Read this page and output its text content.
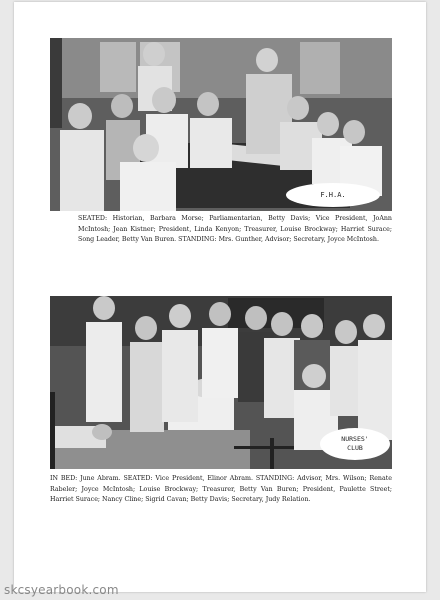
F.H.A.

SEATED: Historian, Barbara Morse; Parliamentarian, Betty Davis; Vice President, JoAnn McIntosh; Jean Kistner; President, Linda Kenyon; Treasurer, Louise Brockway; Harriet Surace; Song Leader, Betty Van Buren. STANDING: Mrs. Gunther, Advisor; Secretary, Joyce McIntosh.

NURSES'
CLUB

IN BED: June Abram. SEATED: Vice President, Elinor Abram. STANDING: Advisor, Mrs. Wilson; Renate Rabeler; Joyce McIntosh; Louise Brockway; Treasurer, Betty Van Buren; President, Paulette Street; Harriet Surace; Nancy Cline; Sigrid Cavan; Betty Davis; Secretary, Judy Relation.

skcsyearbook.com
